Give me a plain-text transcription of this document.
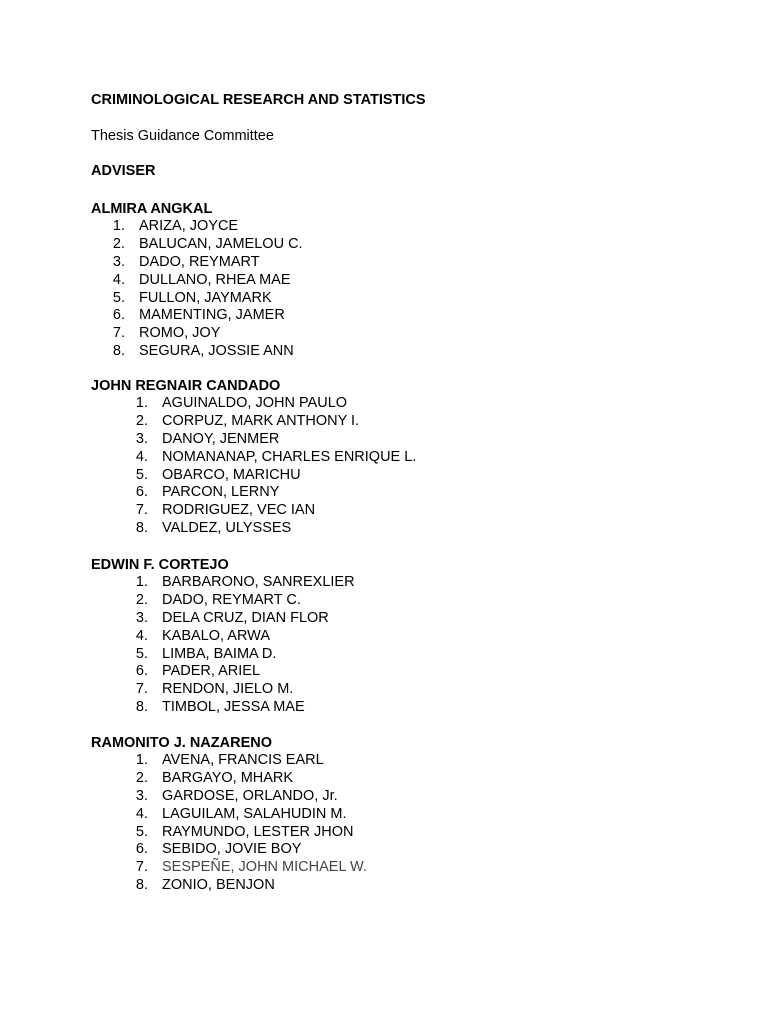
CRIMINOLOGICAL RESEARCH AND STATISTICS
Thesis Guidance Committee
ADVISER
ALMIRA ANGKAL
1. ARIZA, JOYCE
2. BALUCAN, JAMELOU C.
3. DADO, REYMART
4. DULLANO, RHEA MAE
5. FULLON, JAYMARK
6. MAMENTING, JAMER
7. ROMO, JOY
8. SEGURA, JOSSIE ANN
JOHN REGNAIR CANDADO
1. AGUINALDO, JOHN PAULO
2. CORPUZ, MARK ANTHONY I.
3. DANOY, JENMER
4. NOMANANAP, CHARLES ENRIQUE L.
5. OBARCO, MARICHU
6. PARCON, LERNY
7. RODRIGUEZ, VEC IAN
8. VALDEZ, ULYSSES
EDWIN F. CORTEJO
1. BARBARONO, SANREXLIER
2. DADO, REYMART C.
3. DELA CRUZ, DIAN FLOR
4. KABALO, ARWA
5. LIMBA, BAIMA D.
6. PADER, ARIEL
7. RENDON, JIELO M.
8. TIMBOL, JESSA MAE
RAMONITO J. NAZARENO
1. AVENA, FRANCIS EARL
2. BARGAYO, MHARK
3. GARDOSE, ORLANDO, Jr.
4. LAGUILAM, SALAHUDIN M.
5. RAYMUNDO, LESTER JHON
6. SEBIDO, JOVIE BOY
7. SESPEÑE, JOHN MICHAEL W.
8. ZONIO, BENJON
